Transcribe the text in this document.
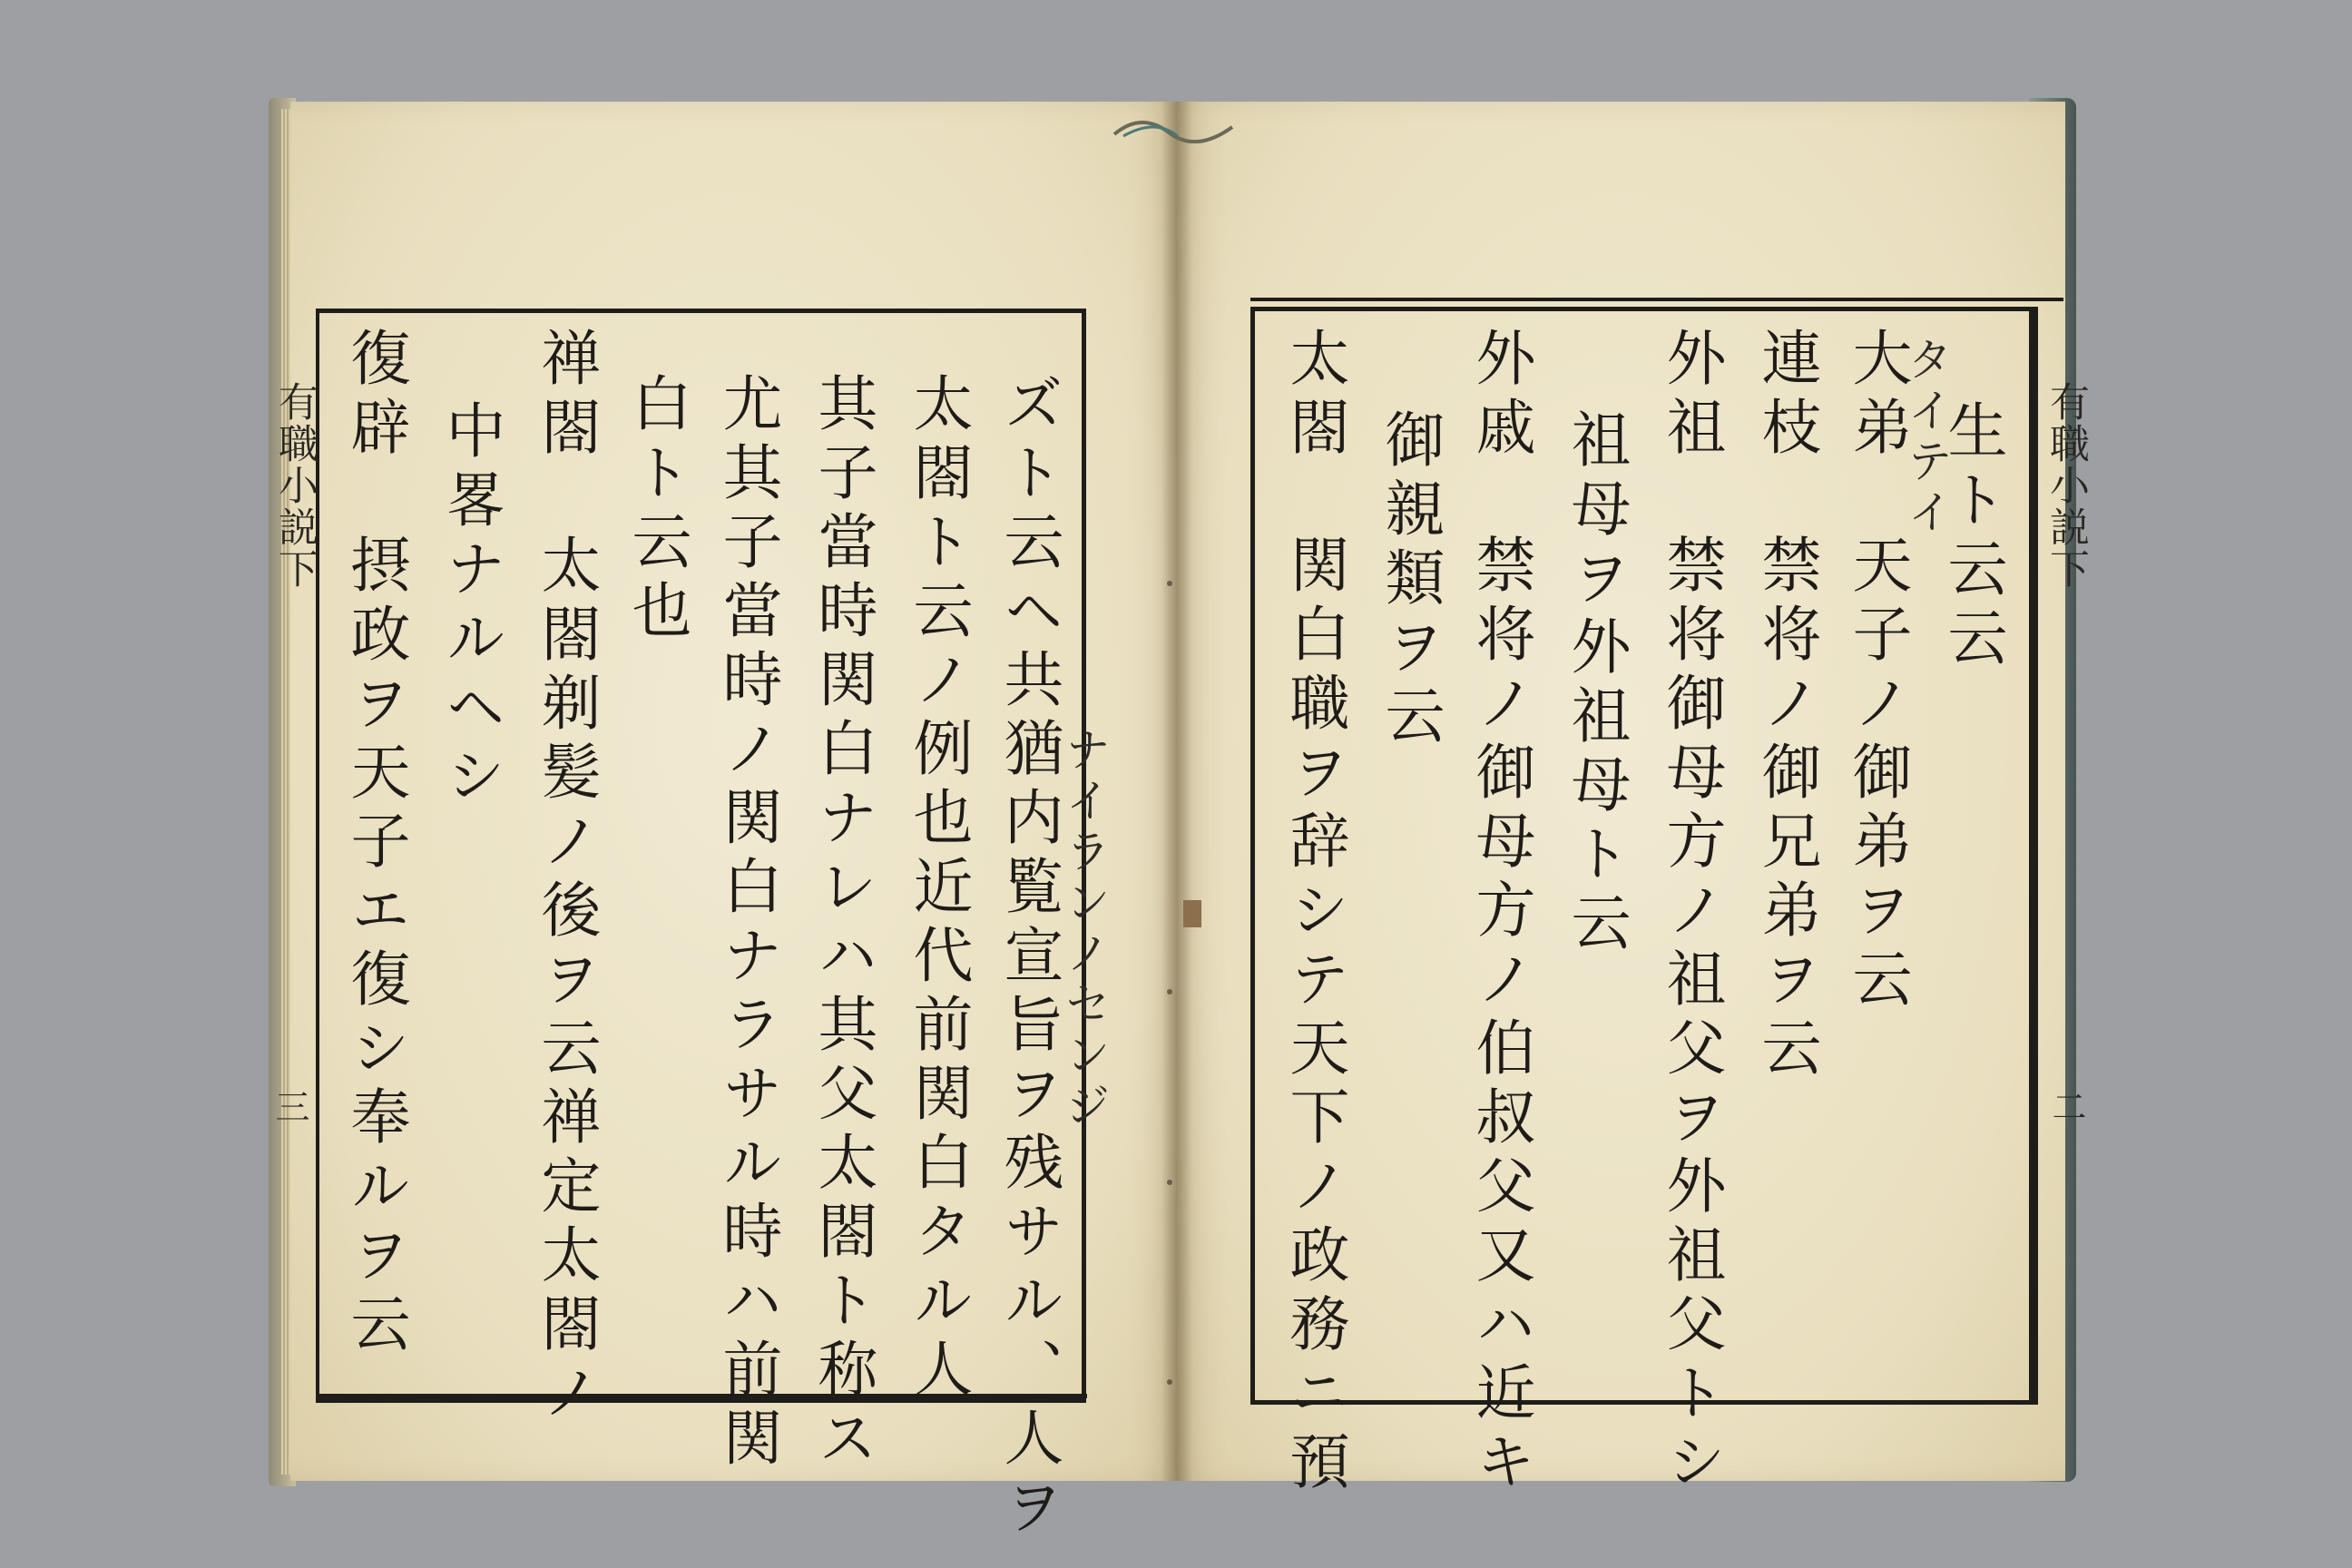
有職小説下
三	ズト云ヘ共猶内覧宣旨ヲ残サル、人ヲ
太閤ト云ノ例也近代前関白タル人
其子當時関白ナレハ其父太閤ト称ス
尤其子當時ノ関白ナラサル時ハ前関
白ト云也
禅閤　太閤剃髪ノ後ヲ云禅定太閤ノ
中畧ナルヘシ
復辟　摂政ヲ天子エ復シ奉ルヲ云	ナイランノセンジ
有職小説下
二
生ト云云
大弟　天子ノ御弟ヲ云
連枝　禁将ノ御兄弟ヲ云
外祖　禁将御母方ノ祖父ヲ外祖父トシ
祖母ヲ外祖母ト云
外戚　禁将ノ御母方ノ伯叔父又ハ近キ
御親類ヲ云
太閤　関白職ヲ辞シテ天下ノ政務ニ預	タイテイ
